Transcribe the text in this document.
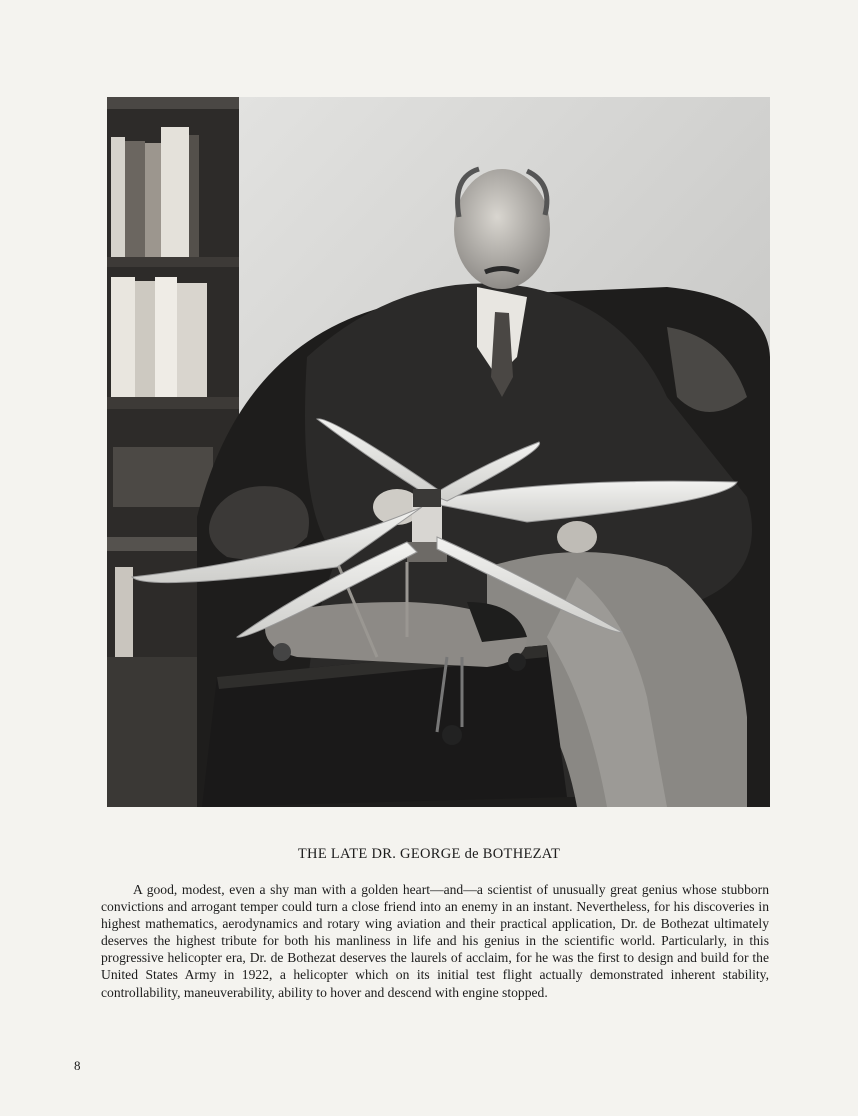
THE LATE DR. GEORGE de BOTHEZAT

A good, modest, even a shy man with a golden heart—and—a scientist of unusually great genius whose stubborn convictions and arrogant temper could turn a close friend into an enemy in an instant. Nevertheless, for his discoveries in highest mathematics, aerodynamics and rotary wing aviation and their practical application, Dr. de Bothezat ultimately deserves the highest tribute for both his manliness in life and his genius in the scientific world. Particularly, in this progressive helicopter era, Dr. de Bothezat deserves the laurels of acclaim, for he was the first to design and build for the United States Army in 1922, a helicopter which on its initial test flight actually demonstrated inherent stability, controllability, maneuverability, ability to hover and descend with engine stopped.

8
